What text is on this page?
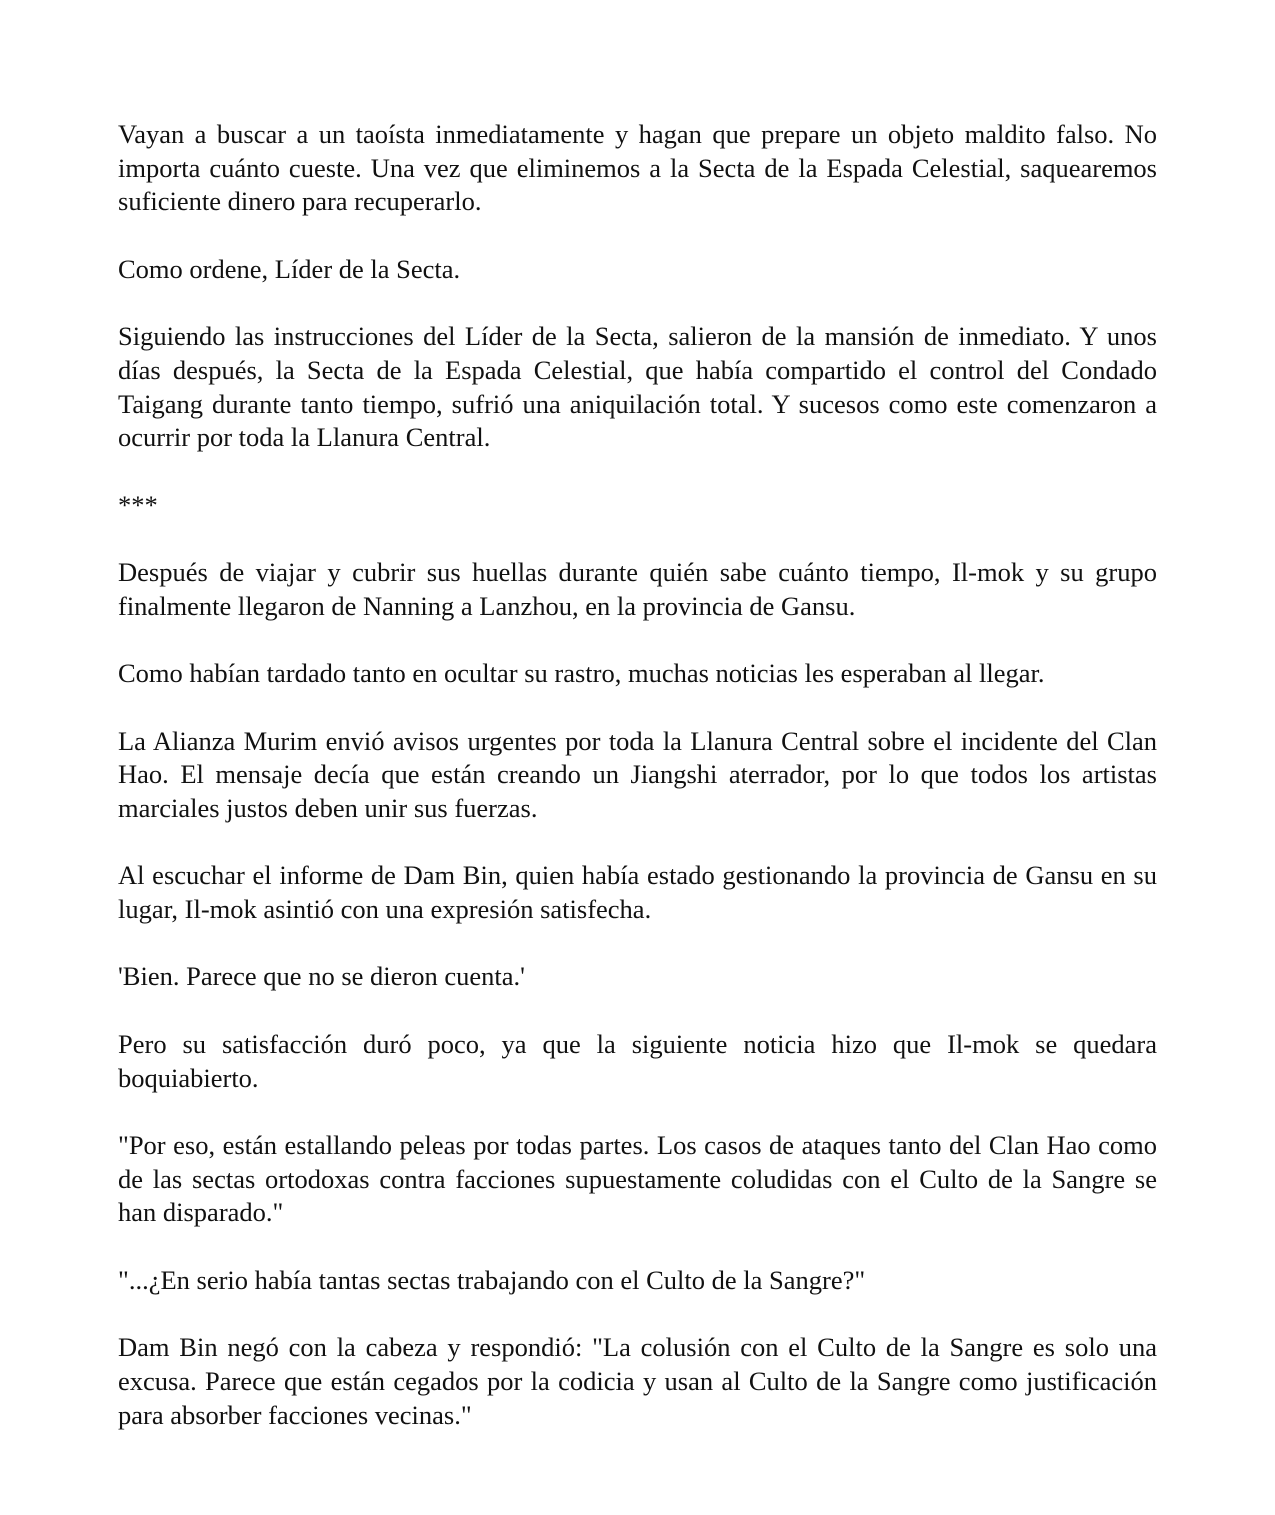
Vayan a buscar a un taoísta inmediatamente y hagan que prepare un objeto maldito falso. No importa cuánto cueste. Una vez que eliminemos a la Secta de la Espada Celestial, saquearemos suficiente dinero para recuperarlo.

Como ordene, Líder de la Secta.

Siguiendo las instrucciones del Líder de la Secta, salieron de la mansión de inmediato. Y unos días después, la Secta de la Espada Celestial, que había compartido el control del Condado Taigang durante tanto tiempo, sufrió una aniquilación total. Y sucesos como este comenzaron a ocurrir por toda la Llanura Central.

***

Después de viajar y cubrir sus huellas durante quién sabe cuánto tiempo, Il-mok y su grupo finalmente llegaron de Nanning a Lanzhou, en la provincia de Gansu.

Como habían tardado tanto en ocultar su rastro, muchas noticias les esperaban al llegar.

La Alianza Murim envió avisos urgentes por toda la Llanura Central sobre el incidente del Clan Hao. El mensaje decía que están creando un Jiangshi aterrador, por lo que todos los artistas marciales justos deben unir sus fuerzas.

Al escuchar el informe de Dam Bin, quien había estado gestionando la provincia de Gansu en su lugar, Il-mok asintió con una expresión satisfecha.

'Bien. Parece que no se dieron cuenta.'

Pero su satisfacción duró poco, ya que la siguiente noticia hizo que Il-mok se quedara boquiabierto.

"Por eso, están estallando peleas por todas partes. Los casos de ataques tanto del Clan Hao como de las sectas ortodoxas contra facciones supuestamente coludidas con el Culto de la Sangre se han disparado."

"...¿En serio había tantas sectas trabajando con el Culto de la Sangre?"

Dam Bin negó con la cabeza y respondió: "La colusión con el Culto de la Sangre es solo una excusa. Parece que están cegados por la codicia y usan al Culto de la Sangre como justificación para absorber facciones vecinas."
